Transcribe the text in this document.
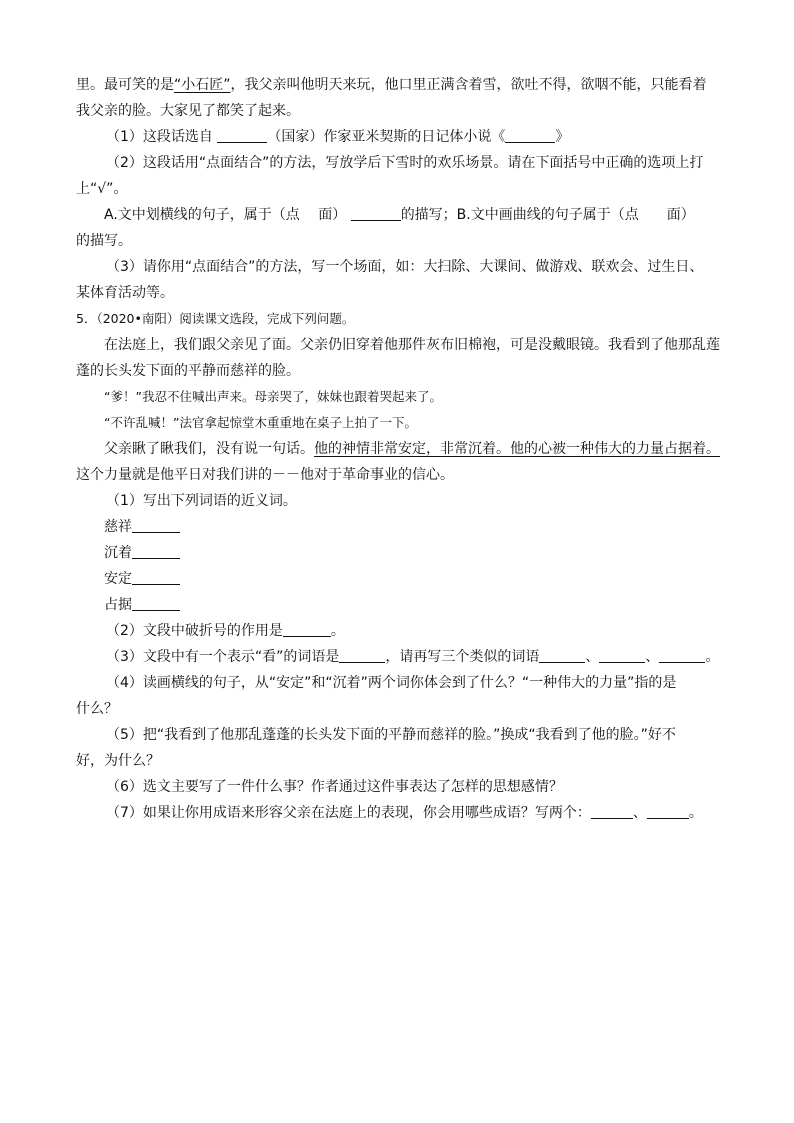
里。最可笑的是“小石匠”，我父亲叫他明天来玩，他口里正满含着雪，欲吐不得，欲咽不能，只能看着

我父亲的脸。大家见了都笑了起来。

（1）这段话选自	（国家）作家亚米契斯的日记体小说《	》

（2）这段话用“点面结合”的方法，写放学后下雪时的欢乐场景。请在下面括号中正确的选项上打

上“√”。

A.文中划横线的句子，属于（点　 面）	的描写；B.文中画曲线的句子属于（点　　面）

的描写。

（3）请你用“点面结合”的方法，写一个场面，如：大扫除、大课间、做游戏、联欢会、过生日、

某体育活动等。

5．（2020•南阳）阅读课文选段，完成下列问题。

在法庭上，我们跟父亲见了面。父亲仍旧穿着他那件灰布旧棉袍，可是没戴眼镜。我看到了他那乱莲

蓬的长头发下面的平静而慈祥的脸。

“爹！”我忍不住喊出声来。母亲哭了，妹妹也跟着哭起来了。

“不许乱喊！”法官拿起惊堂木重重地在桌子上拍了一下。

父亲瞅了瞅我们，没有说一句话。他的神情非常安定，非常沉着。他的心被一种伟大的力量占据着。

这个力量就是他平日对我们讲的－－他对于革命事业的信心。

（1）写出下列词语的近义词。

慈祥

沉着

安定

占据

（2）文段中破折号的作用是	。

（3）文段中有一个表示“看”的词语是	，请再写三个类似的词语	、	、	。

（4）读画横线的句子，从“安定”和“沉着”两个词你体会到了什么？“一种伟大的力量”指的是

什么？

（5）把“我看到了他那乱蓬蓬的长头发下面的平静而慈祥的脸。”换成“我看到了他的脸。”好不

好，为什么？

（6）选文主要写了一件什么事？作者通过这件事表达了怎样的思想感情？

（7）如果让你用成语来形容父亲在法庭上的表现，你会用哪些成语？写两个：	、	。
